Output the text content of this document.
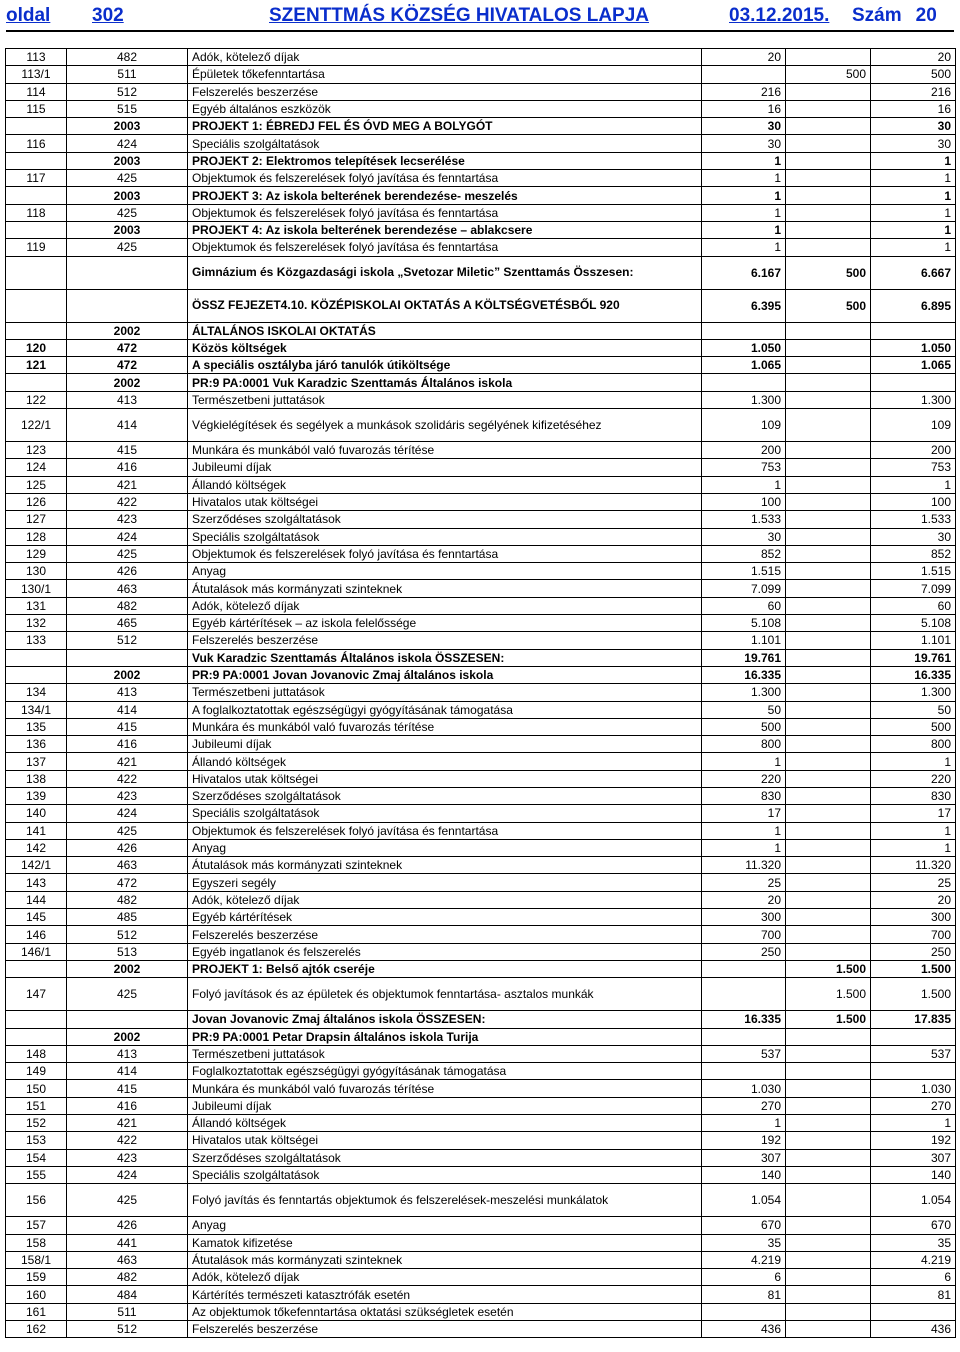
oldal 302	SZENTTMÁS KÖZSÉG HIVATALOS LAPJA	03.12.2015. Szám 20
113	482	Adók, kötelező díjak	20		20
113/1	511	Épületek tőkefenntartása		500	500
114	512	Felszerelés beszerzése	216		216
115	515	Egyéb általános eszközök	16		16
	2003	PROJEKT 1: ÉBREDJ FEL ÉS ÓVD MEG A BOLYGÓT	30		30
116	424	Speciális szolgáltatások	30		30
	2003	PROJEKT 2: Elektromos telepítések lecserélése	1		1
117	425	Objektumok és felszerelések folyó javítása és fenntartása	1		1
	2003	PROJEKT 3: Az iskola belterének berendezése- meszelés	1		1
118	425	Objektumok és felszerelések folyó javítása és fenntartása	1		1
	2003	PROJEKT 4: Az iskola belterének berendezése – ablakcsere	1		1
119	425	Objektumok és felszerelések folyó javítása és fenntartása	1		1
		Gimnázium és Közgazdasági iskola „Svetozar Miletic” Szenttamás Összesen:	6.167	500	6.667
		ÖSSZ FEJEZET4.10. KÖZÉPISKOLAI OKTATÁS A KÖLTSÉGVETÉSBŐL 920	6.395	500	6.895
	2002	ÁLTALÁNOS ISKOLAI OKTATÁS			
120	472	Közös költségek	1.050		1.050
121	472	A speciális osztályba járó tanulók útiköltsége	1.065		1.065
	2002	PR:9 PA:0001 Vuk Karadzic Szenttamás Általános iskola			
122	413	Természetbeni juttatások	1.300		1.300
122/1	414	Végkielégítések és segélyek a munkások szolidáris segélyének kifizetéséhez	109		109
123	415	Munkára és munkából való fuvarozás térítése	200		200
124	416	Jubileumi díjak	753		753
125	421	Állandó költségek	1		1
126	422	Hivatalos utak költségei	100		100
127	423	Szerződéses szolgáltatások	1.533		1.533
128	424	Speciális szolgáltatások	30		30
129	425	Objektumok és felszerelések folyó javítása és fenntartása	852		852
130	426	Anyag	1.515		1.515
130/1	463	Átutalások más kormányzati szinteknek	7.099		7.099
131	482	Adók, kötelező díjak	60		60
132	465	Egyéb kártérítések – az iskola felelőssége	5.108		5.108
133	512	Felszerelés beszerzése	1.101		1.101
		Vuk Karadzic Szenttamás Általános iskola ÖSSZESEN:	19.761		19.761
	2002	PR:9 PA:0001 Jovan Jovanovic Zmaj általános iskola	16.335		16.335
134	413	Természetbeni juttatások	1.300		1.300
134/1	414	A foglalkoztatottak egészségügyi gyógyításának támogatása	50		50
135	415	Munkára és munkából való fuvarozás térítése	500		500
136	416	Jubileumi díjak	800		800
137	421	Állandó költségek	1		1
138	422	Hivatalos utak költségei	220		220
139	423	Szerződéses szolgáltatások	830		830
140	424	Speciális szolgáltatások	17		17
141	425	Objektumok és felszerelések folyó javítása és fenntartása	1		1
142	426	Anyag	1		1
142/1	463	Átutalások más kormányzati szinteknek	11.320		11.320
143	472	Egyszeri segély	25		25
144	482	Adók, kötelező díjak	20		20
145	485	Egyéb kártérítések	300		300
146	512	Felszerelés beszerzése	700		700
146/1	513	Egyéb ingatlanok és felszerelés	250		250
	2002	PROJEKT 1: Belső ajtók cseréje		1.500	1.500
147	425	Folyó javítások és az épületek és objektumok fenntartása- asztalos munkák		1.500	1.500
		Jovan Jovanovic Zmaj általános iskola ÖSSZESEN:	16.335	1.500	17.835
	2002	PR:9 PA:0001 Petar Drapsin általános iskola Turija			
148	413	Természetbeni juttatások	537		537
149	414	Foglalkoztatottak egészségügyi gyógyításának támogatása			
150	415	Munkára és munkából való fuvarozás térítése	1.030		1.030
151	416	Jubileumi díjak	270		270
152	421	Állandó költségek	1		1
153	422	Hivatalos utak költségei	192		192
154	423	Szerződéses szolgáltatások	307		307
155	424	Speciális szolgáltatások	140		140
156	425	Folyó javítás és fenntartás objektumok és felszerelések-meszelési munkálatok	1.054		1.054
157	426	Anyag	670		670
158	441	Kamatok kifizetése	35		35
158/1	463	Átutalások más kormányzati szinteknek	4.219		4.219
159	482	Adók, kötelező díjak	6		6
160	484	Kártérítés természeti katasztrófák esetén	81		81
161	511	Az objektumok tőkefenntartása oktatási szükségletek esetén			
162	512	Felszerelés beszerzése	436		436
